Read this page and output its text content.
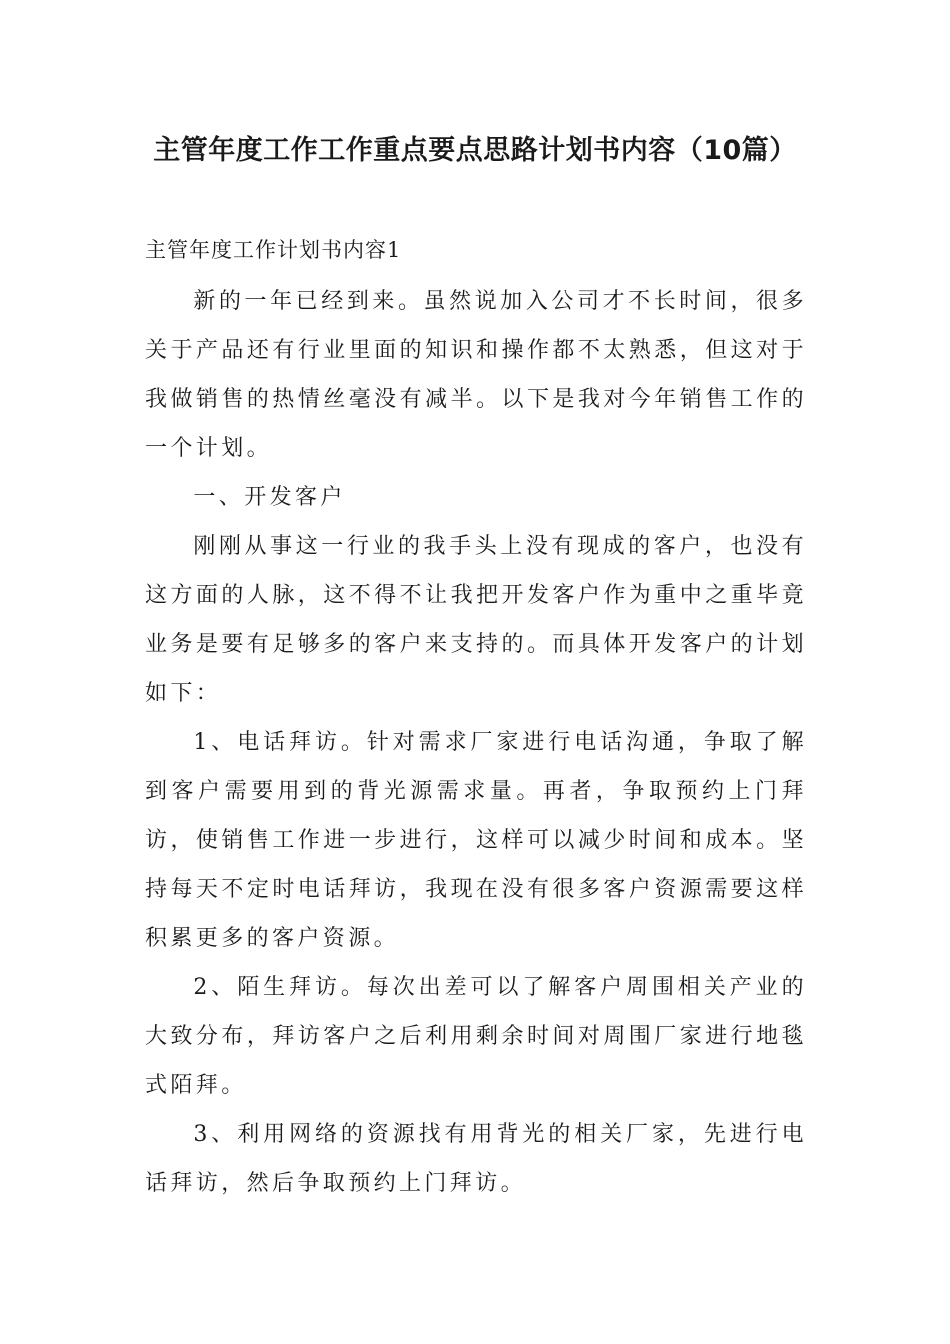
主管年度工作工作重点要点思路计划书内容（10篇）

主管年度工作计划书内容1

新的一年已经到来。虽然说加入公司才不长时间，很多关于产品还有行业里面的知识和操作都不太熟悉，但这对于我做销售的热情丝毫没有减半。以下是我对今年销售工作的一个计划。

一、开发客户

刚刚从事这一行业的我手头上没有现成的客户，也没有这方面的人脉，这不得不让我把开发客户作为重中之重毕竟业务是要有足够多的客户来支持的。而具体开发客户的计划如下：

1、电话拜访。针对需求厂家进行电话沟通，争取了解到客户需要用到的背光源需求量。再者，争取预约上门拜访，使销售工作进一步进行，这样可以减少时间和成本。坚持每天不定时电话拜访，我现在没有很多客户资源需要这样积累更多的客户资源。

2、陌生拜访。每次出差可以了解客户周围相关产业的大致分布，拜访客户之后利用剩余时间对周围厂家进行地毯式陌拜。

3、利用网络的资源找有用背光的相关厂家，先进行电话拜访，然后争取预约上门拜访。
